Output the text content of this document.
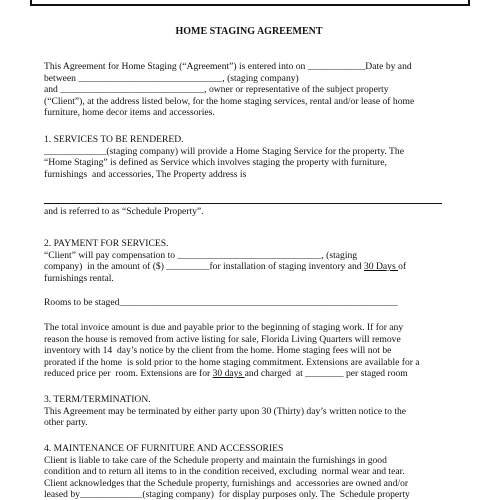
HOME STAGING AGREEMENT
This Agreement for Home Staging (“Agreement”) is entered into on ____________Date by and
between ______________________________, (staging company)
and ______________________________, owner or representative of the subject property
(“Client”), at the address listed below, for the home staging services, rental and/or lease of home
furniture, home decor items and accessories.
1. SERVICES TO BE RENDERED.
_____________(staging company) will provide a Home Staging Service for the property. The
“Home Staging” is defined as Service which involves staging the property with furniture,
furnishings  and accessories, The Property address is
and is referred to as “Schedule Property”.
2. PAYMENT FOR SERVICES.
“Client” will pay compensation to ______________________________, (staging
company)  in the amount of ($) _________for installation of staging inventory and 30 Days of
furnishings rental.
Rooms to be staged__________________________________________________________
The total invoice amount is due and payable prior to the beginning of staging work. If for any
reason the house is removed from active listing for sale, Florida Living Quarters will remove
inventory with 14  day’s notice by the client from the home. Home staging fees will not be
prorated if the home  is sold prior to the home staging commitment. Extensions are available for a
reduced price per  room. Extensions are for 30 days and charged  at ________ per staged room
3. TERM/TERMINATION.
This Agreement may be terminated by either party upon 30 (Thirty) day’s written notice to the
other party.
4. MAINTENANCE OF FURNITURE AND ACCESSORIES
Client is liable to take care of the Schedule property and maintain the furnishings in good
condition and to return all items to in the condition received, excluding  normal wear and tear.
Client acknowledges that the Schedule property, furnishings and  accessories are owned and/or
leased by_____________(staging company)  for display purposes only. The  Schedule property
